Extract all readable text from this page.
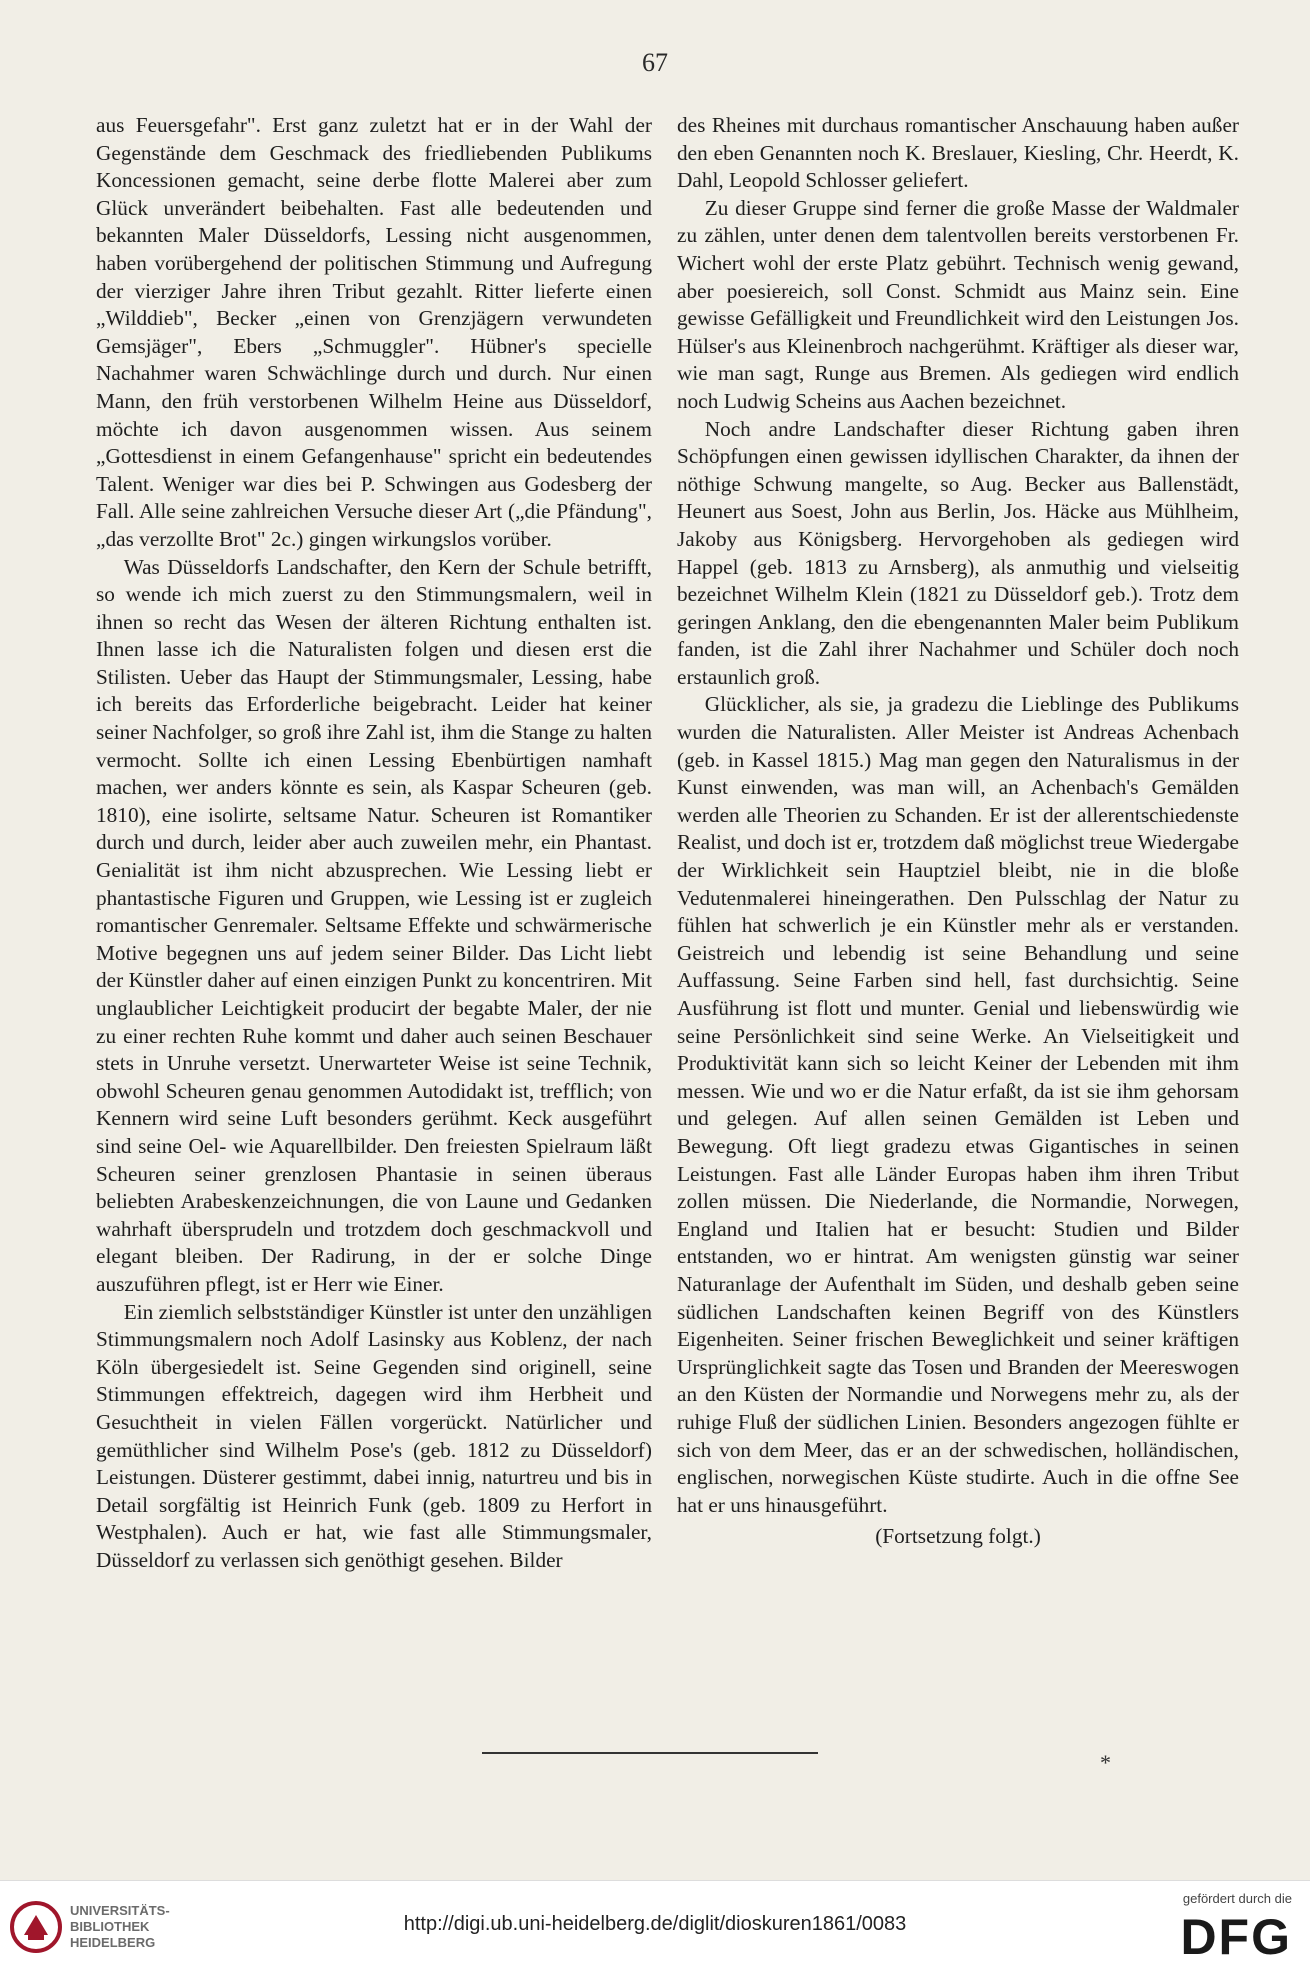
67

aus Feuersgefahr". Erst ganz zuletzt hat er in der Wahl der Gegenstände dem Geschmack des friedliebenden Publikums Koncessionen gemacht, seine derbe flotte Malerei aber zum Glück unverändert beibehalten. Fast alle bedeutenden und bekannten Maler Düsseldorfs, Lessing nicht ausgenommen, haben vorübergehend der politischen Stimmung und Aufregung der vierziger Jahre ihren Tribut gezahlt. Ritter lieferte einen „Wilddieb", Becker „einen von Grenzjägern verwundeten Gemsjäger", Ebers „Schmuggler". Hübner's specielle Nachahmer waren Schwächlinge durch und durch. Nur einen Mann, den früh verstorbenen Wilhelm Heine aus Düsseldorf, möchte ich davon ausgenommen wissen. Aus seinem „Gottesdienst in einem Gefangenhause" spricht ein bedeutendes Talent. Weniger war dies bei P. Schwingen aus Godesberg der Fall. Alle seine zahlreichen Versuche dieser Art („die Pfändung", „das verzollte Brot" 2c.) gingen wirkungslos vorüber.

Was Düsseldorfs Landschafter, den Kern der Schule betrifft, so wende ich mich zuerst zu den Stimmungsmalern, weil in ihnen so recht das Wesen der älteren Richtung enthalten ist. Ihnen lasse ich die Naturalisten folgen und diesen erst die Stilisten. Ueber das Haupt der Stimmungsmaler, Lessing, habe ich bereits das Erforderliche beigebracht. Leider hat keiner seiner Nachfolger, so groß ihre Zahl ist, ihm die Stange zu halten vermocht. Sollte ich einen Lessing Ebenbürtigen namhaft machen, wer anders könnte es sein, als Kaspar Scheuren (geb. 1810), eine isolirte, seltsame Natur. Scheuren ist Romantiker durch und durch, leider aber auch zuweilen mehr, ein Phantast. Genialität ist ihm nicht abzusprechen. Wie Lessing liebt er phantastische Figuren und Gruppen, wie Lessing ist er zugleich romantischer Genremaler. Seltsame Effekte und schwärmerische Motive begegnen uns auf jedem seiner Bilder. Das Licht liebt der Künstler daher auf einen einzigen Punkt zu koncentriren. Mit unglaublicher Leichtigkeit producirt der begabte Maler, der nie zu einer rechten Ruhe kommt und daher auch seinen Beschauer stets in Unruhe versetzt. Unerwarteter Weise ist seine Technik, obwohl Scheuren genau genommen Autodidakt ist, trefflich; von Kennern wird seine Luft besonders gerühmt. Keck ausgeführt sind seine Oel- wie Aquarellbilder. Den freiesten Spielraum läßt Scheuren seiner grenzlosen Phantasie in seinen überaus beliebten Arabeskenzeichnungen, die von Laune und Gedanken wahrhaft übersprudeln und trotzdem doch geschmackvoll und elegant bleiben. Der Radirung, in der er solche Dinge auszuführen pflegt, ist er Herr wie Einer.

Ein ziemlich selbstständiger Künstler ist unter den unzähligen Stimmungsmalern noch Adolf Lasinsky aus Koblenz, der nach Köln übergesiedelt ist. Seine Gegenden sind originell, seine Stimmungen effektreich, dagegen wird ihm Herbheit und Gesuchtheit in vielen Fällen vorgerückt. Natürlicher und gemüthlicher sind Wilhelm Pose's (geb. 1812 zu Düsseldorf) Leistungen. Düsterer gestimmt, dabei innig, naturtreu und bis in Detail sorgfältig ist Heinrich Funk (geb. 1809 zu Herfort in Westphalen). Auch er hat, wie fast alle Stimmungsmaler, Düsseldorf zu verlassen sich genöthigt gesehen. Bilder

des Rheines mit durchaus romantischer Anschauung haben außer den eben Genannten noch K. Breslauer, Kiesling, Chr. Heerdt, K. Dahl, Leopold Schlosser geliefert.

Zu dieser Gruppe sind ferner die große Masse der Waldmaler zu zählen, unter denen dem talentvollen bereits verstorbenen Fr. Wichert wohl der erste Platz gebührt. Technisch wenig gewand, aber poesiereich, soll Const. Schmidt aus Mainz sein. Eine gewisse Gefälligkeit und Freundlichkeit wird den Leistungen Jos. Hülser's aus Kleinenbroch nachgerühmt. Kräftiger als dieser war, wie man sagt, Runge aus Bremen. Als gediegen wird endlich noch Ludwig Scheins aus Aachen bezeichnet.

Noch andre Landschafter dieser Richtung gaben ihren Schöpfungen einen gewissen idyllischen Charakter, da ihnen der nöthige Schwung mangelte, so Aug. Becker aus Ballenstädt, Heunert aus Soest, John aus Berlin, Jos. Häcke aus Mühlheim, Jakoby aus Königsberg. Hervorgehoben als gediegen wird Happel (geb. 1813 zu Arnsberg), als anmuthig und vielseitig bezeichnet Wilhelm Klein (1821 zu Düsseldorf geb.). Trotz dem geringen Anklang, den die ebengenannten Maler beim Publikum fanden, ist die Zahl ihrer Nachahmer und Schüler doch noch erstaunlich groß.

Glücklicher, als sie, ja gradezu die Lieblinge des Publikums wurden die Naturalisten. Aller Meister ist Andreas Achenbach (geb. in Kassel 1815.) Mag man gegen den Naturalismus in der Kunst einwenden, was man will, an Achenbach's Gemälden werden alle Theorien zu Schanden. Er ist der allerentschiedenste Realist, und doch ist er, trotzdem daß möglichst treue Wiedergabe der Wirklichkeit sein Hauptziel bleibt, nie in die bloße Vedutenmalerei hineingerathen. Den Pulsschlag der Natur zu fühlen hat schwerlich je ein Künstler mehr als er verstanden. Geistreich und lebendig ist seine Behandlung und seine Auffassung. Seine Farben sind hell, fast durchsichtig. Seine Ausführung ist flott und munter. Genial und liebenswürdig wie seine Persönlichkeit sind seine Werke. An Vielseitigkeit und Produktivität kann sich so leicht Keiner der Lebenden mit ihm messen. Wie und wo er die Natur erfaßt, da ist sie ihm gehorsam und gelegen. Auf allen seinen Gemälden ist Leben und Bewegung. Oft liegt gradezu etwas Gigantisches in seinen Leistungen. Fast alle Länder Europas haben ihm ihren Tribut zollen müssen. Die Niederlande, die Normandie, Norwegen, England und Italien hat er besucht: Studien und Bilder entstanden, wo er hintrat. Am wenigsten günstig war seiner Naturanlage der Aufenthalt im Süden, und deshalb geben seine südlichen Landschaften keinen Begriff von des Künstlers Eigenheiten. Seiner frischen Beweglichkeit und seiner kräftigen Ursprünglichkeit sagte das Tosen und Branden der Meereswogen an den Küsten der Normandie und Norwegens mehr zu, als der ruhige Fluß der südlichen Linien. Besonders angezogen fühlte er sich von dem Meer, das er an der schwedischen, holländischen, englischen, norwegischen Küste studirte. Auch in die offne See hat er uns hinausgeführt.

(Fortsetzung folgt.)

*
UNIVERSITÄTS-
BIBLIOTHEK
HEIDELBERG
http://digi.ub.uni-heidelberg.de/diglit/dioskuren1861/0083
gefördert durch die
DFG
